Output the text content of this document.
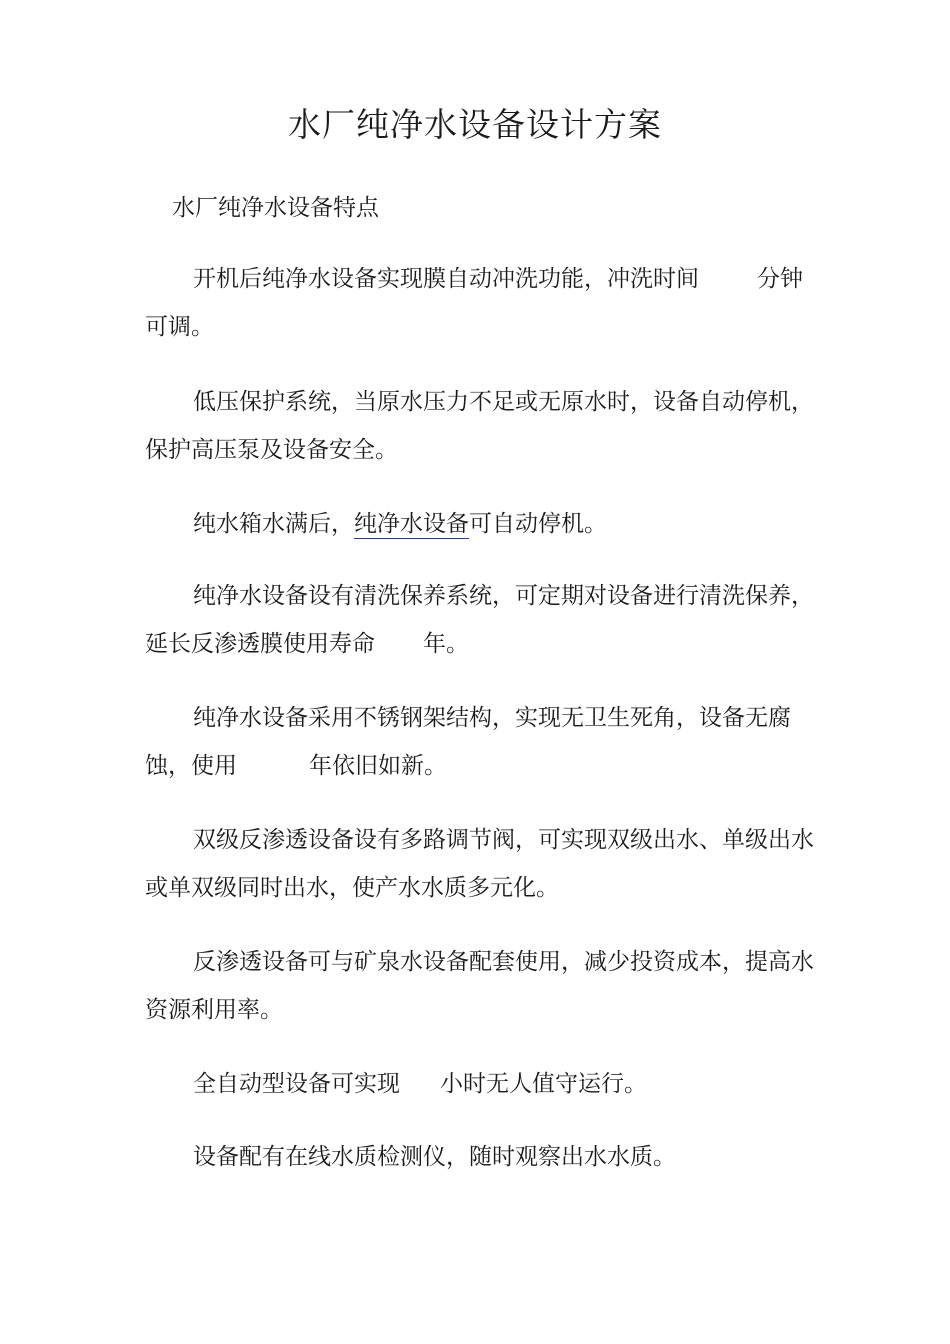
水厂纯净水设备设计方案
水厂纯净水设备特点

开机后纯净水设备实现膜自动冲洗功能，冲洗时间	分钟可调。

低压保护系统，当原水压力不足或无原水时，设备自动停机，保护高压泵及设备安全。

纯水箱水满后，纯净水设备可自动停机。

纯净水设备设有清洗保养系统，可定期对设备进行清洗保养，延长反渗透膜使用寿命 年。

纯净水设备采用不锈钢架结构，实现无卫生死角，设备无腐蚀，使用	年依旧如新。

双级反渗透设备设有多路调节阀，可实现双级出水、单级出水或单双级同时出水，使产水水质多元化。

反渗透设备可与矿泉水设备配套使用，减少投资成本，提高水资源利用率。

全自动型设备可实现 小时无人值守运行。

设备配有在线水质检测仪，随时观察出水水质。
